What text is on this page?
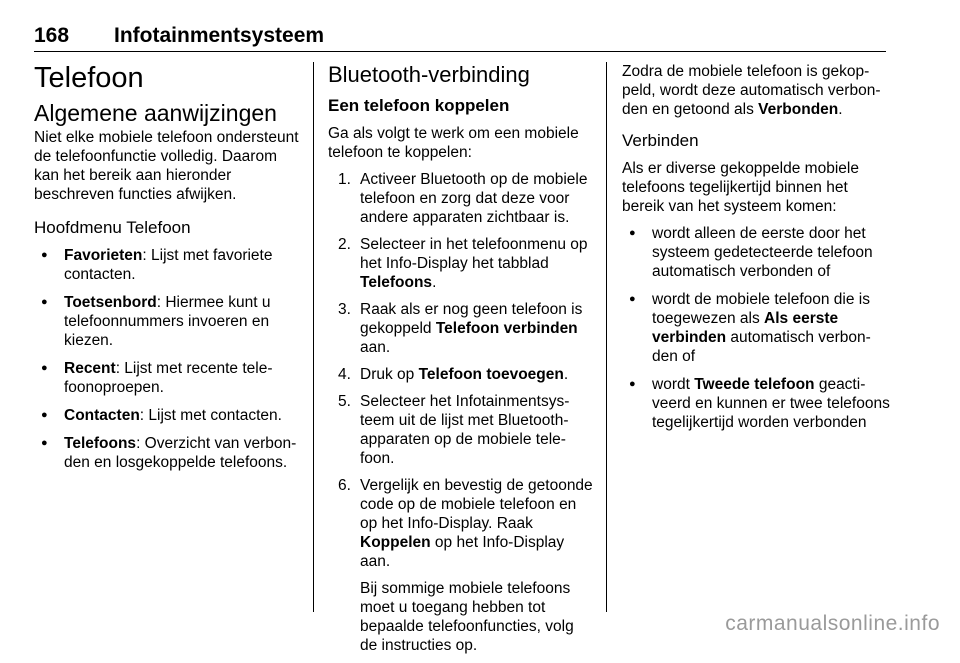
168 Infotainmentsysteem
Telefoon
Algemene aanwijzingen

Niet elke mobiele telefoon ondersteunt de telefoonfunctie volledig. Daarom kan het bereik aan hieronder beschreven functies afwijken.

Hoofdmenu Telefoon
● Favorieten: Lijst met favoriete contacten.
● Toetsenbord: Hiermee kunt u telefoonnummers invoeren en kiezen.
● Recent: Lijst met recente telefoonoproepen.
● Contacten: Lijst met contacten.
● Telefoons: Overzicht van verbonden en losgekoppelde telefoons.
Bluetooth-verbinding
Een telefoon koppelen

Ga als volgt te werk om een mobiele telefoon te koppelen:

1. Activeer Bluetooth op de mobiele telefoon en zorg dat deze voor andere apparaten zichtbaar is.
2. Selecteer in het telefoonmenu op het Info-Display het tabblad Telefoons.
3. Raak als er nog geen telefoon is gekoppeld Telefoon verbinden aan.
4. Druk op Telefoon toevoegen.
5. Selecteer het Infotainmentsysteem uit de lijst met Bluetooth-apparaten op de mobiele telefoon.
6. Vergelijk en bevestig de getoonde code op de mobiele telefoon en op het Info-Display. Raak Koppelen op het Info-Display aan.

Bij sommige mobiele telefoons moet u toegang hebben tot bepaalde telefoonfuncties, volg de instructies op.

Zodra de mobiele telefoon is gekoppeld, wordt deze automatisch verbonden en getoond als Verbonden.

Verbinden

Als er diverse gekoppelde mobiele telefoons tegelijkertijd binnen het bereik van het systeem komen:

● wordt alleen de eerste door het systeem gedetecteerde telefoon automatisch verbonden of
● wordt de mobiele telefoon die is toegewezen als Als eerste verbinden automatisch verbonden of
● wordt Tweede telefoon geactiveerd en kunnen er twee telefoons tegelijkertijd worden verbonden
carmanualsonline.info
